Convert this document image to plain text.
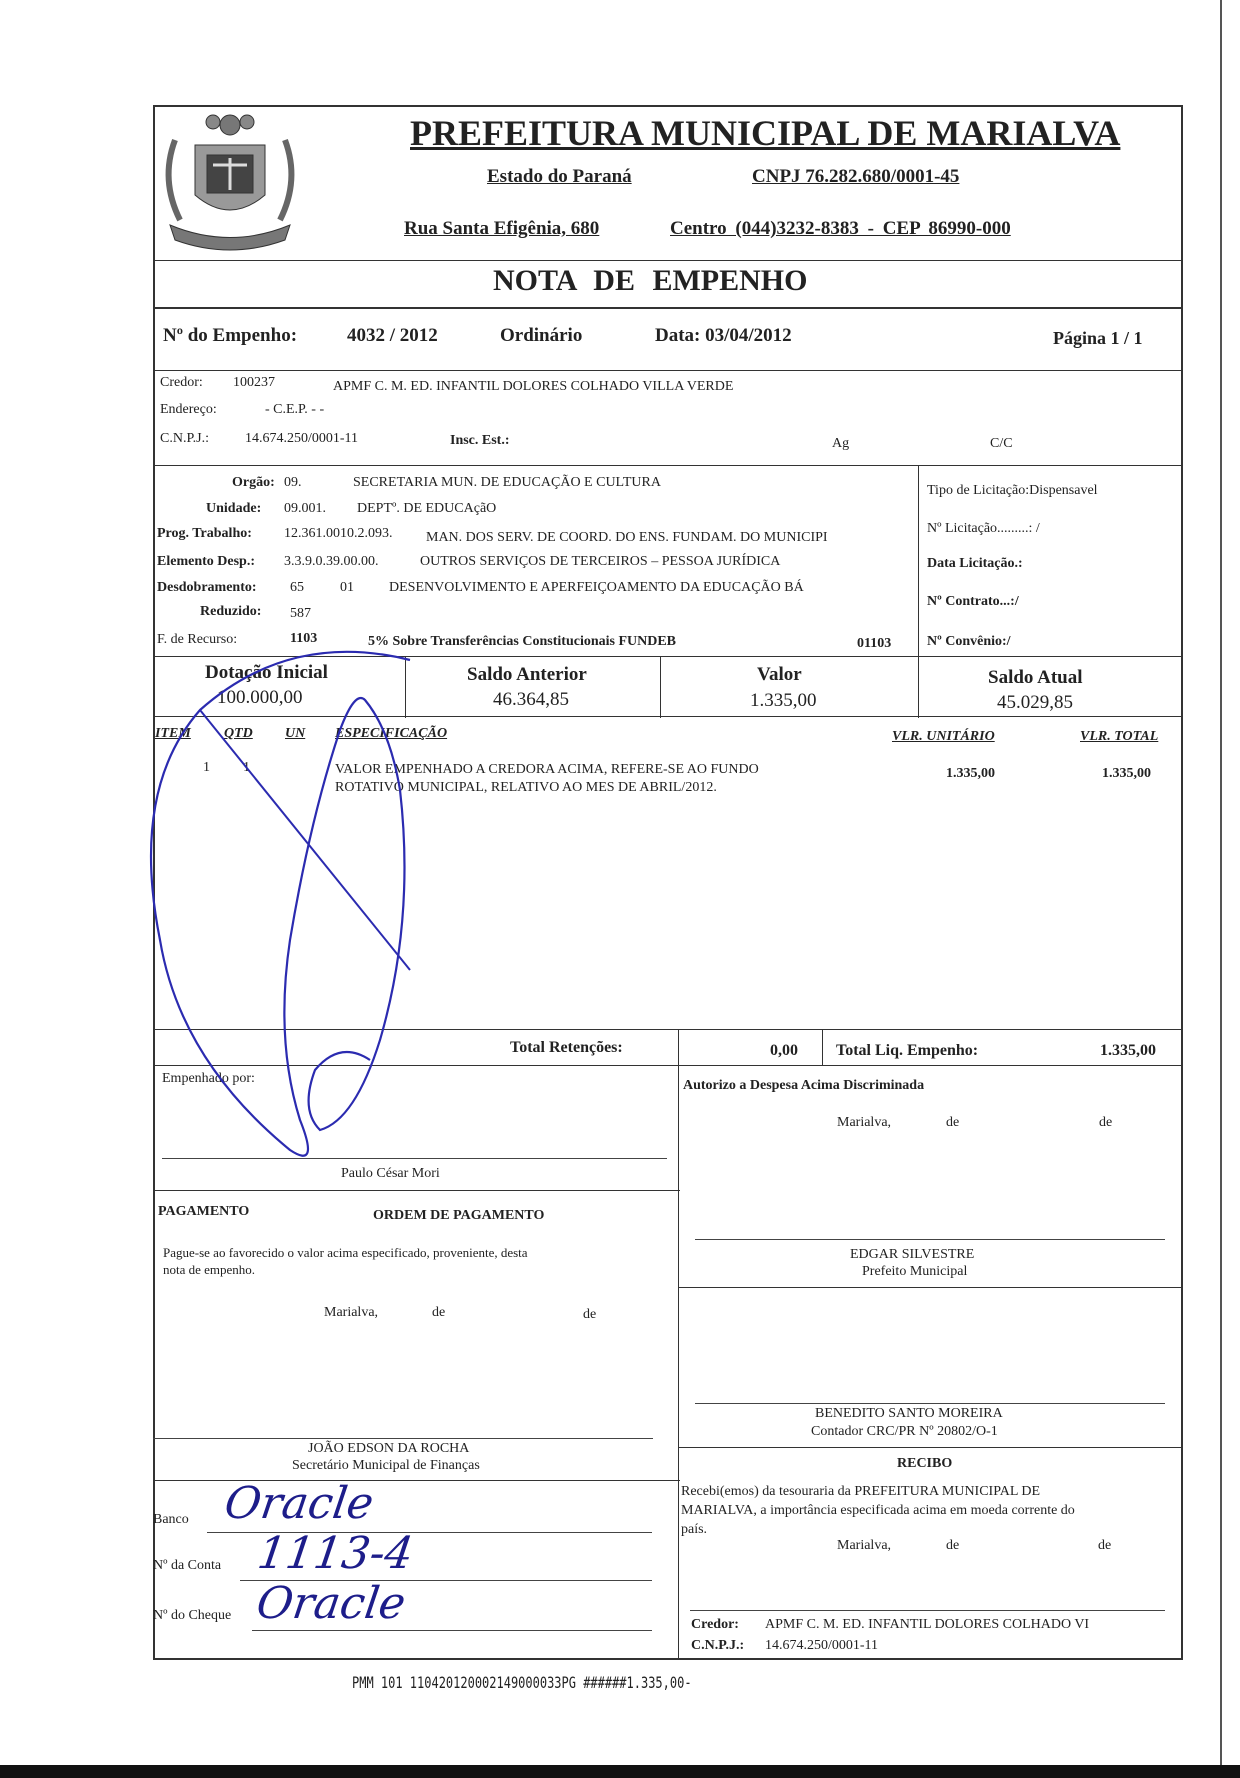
PREFEITURA MUNICIPAL DE MARIALVA
Estado do Paraná	CNPJ 76.282.680/0001-45
Rua Santa Efigênia, 680	Centro (044)3232-8383 - CEP 86990-000
NOTA DE EMPENHO
Nº do Empenho:	4032 / 2012	Ordinário	Data: 03/04/2012	Página 1 / 1
Credor: 100237	APMF C. M. ED. INFANTIL DOLORES COLHADO VILLA VERDE
Endereço:	- C.E.P. - -
C.N.P.J.:	14.674.250/0001-11	Insc. Est.:	Ag	C/C
Orgão: 09.	SECRETARIA MUN. DE EDUCAÇÃO E CULTURA
Unidade: 09.001. DEPTº. DE EDUCAçãO
Prog. Trabalho: 12.361.0010.2.093. MAN. DOS SERV. DE COORD. DO ENS. FUNDAM. DO MUNICIPI
Elemento Desp.: 3.3.9.0.39.00.00.	OUTROS SERVIÇOS DE TERCEIROS – PESSOA JURÍDICA
Desdobramento: 65	01	DESENVOLVIMENTO E APERFEIÇOAMENTO DA EDUCAÇÃO BÁ
Reduzido: 587
F. de Recurso:	1103	5% Sobre Transferências Constitucionais FUNDEB	01103
Tipo de Licitação:Dispensavel
Nº Licitação.........: /
Data Licitação.:
Nº Contrato...:/
Nº Convênio:/
Dotação Inicial
100.000,00
Saldo Anterior
46.364,85
Valor
1.335,00
Saldo Atual
45.029,85
ITEM QTD UN ESPECIFICAÇÃO	VLR. UNITÁRIO	VLR. TOTAL
1 1	VALOR EMPENHADO A CREDORA ACIMA, REFERE-SE AO FUNDO
ROTATIVO MUNICIPAL, RELATIVO AO MES DE ABRIL/2012.
1.335,00	1.335,00
Total Retenções:	0,00 Total Liq. Empenho:	1.335,00
Empenhado por:
Paulo César Mori
Autorizo a Despesa Acima Discriminada
Marialva,	de	de
EDGAR SILVESTRE
Prefeito Municipal
PAGAMENTO	ORDEM DE PAGAMENTO
Pague-se ao favorecido o valor acima especificado, proveniente, desta
nota de empenho.
Marialva,	de	de
BENEDITO SANTO MOREIRA
Contador CRC/PR Nº 20802/O-1
JOÃO EDSON DA ROCHA
Secretário Municipal de Finanças	RECIBO
Recebi(emos) da tesouraria da PREFEITURA MUNICIPAL DE
MARIALVA, a importância especificada acima em moeda corrente do
país.
Marialva,	de	de
Credor: APMF C. M. ED. INFANTIL DOLORES COLHADO VI
C.N.P.J.: 14.674.250/0001-11
Banco Oracle
Nº da Conta 1113-4
Nº do Cheque Oracle
PMM 101 110420120002149000033PG ######1.335,00-
